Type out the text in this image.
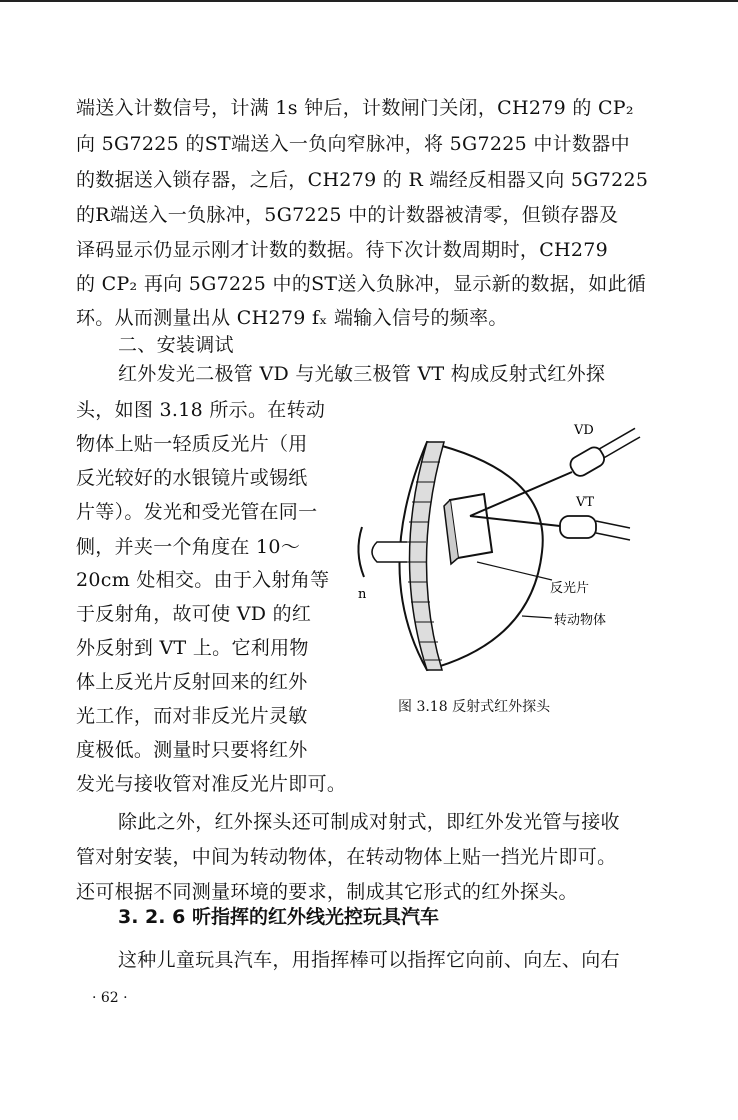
端送入计数信号，计满 1s 钟后，计数闸门关闭，CH279 的 CP₂
向 5G7225 的ST端送入一负向窄脉冲，将 5G7225 中计数器中
的数据送入锁存器，之后，CH279 的 R 端经反相器又向 5G7225
的R端送入一负脉冲，5G7225 中的计数器被清零，但锁存器及
译码显示仍显示刚才计数的数据。待下次计数周期时，CH279
的 CP₂ 再向 5G7225 中的ST送入负脉冲，显示新的数据，如此循
环。从而测量出从 CH279 fₓ 端输入信号的频率。
二、安装调试
红外发光二极管 VD 与光敏三极管 VT 构成反射式红外探
头，如图 3.18 所示。在转动
物体上贴一轻质反光片（用
反光较好的水银镜片或锡纸
片等）。发光和受光管在同一
侧，并夹一个角度在 10～
20cm 处相交。由于入射角等
于反射角，故可使 VD 的红
外反射到 VT 上。它利用物
体上反光片反射回来的红外
光工作，而对非反光片灵敏
度极低。测量时只要将红外
发光与接收管对准反光片即可。
除此之外，红外探头还可制成对射式，即红外发光管与接收
管对射安装，中间为转动物体，在转动物体上贴一挡光片即可。
还可根据不同测量环境的要求，制成其它形式的红外探头。
3. 2. 6 听指挥的红外线光控玩具汽车
这种儿童玩具汽车，用指挥棒可以指挥它向前、向左、向右
· 62 ·
n
VD
VT
反光片
转动物体
图 3.18 反射式红外探头
